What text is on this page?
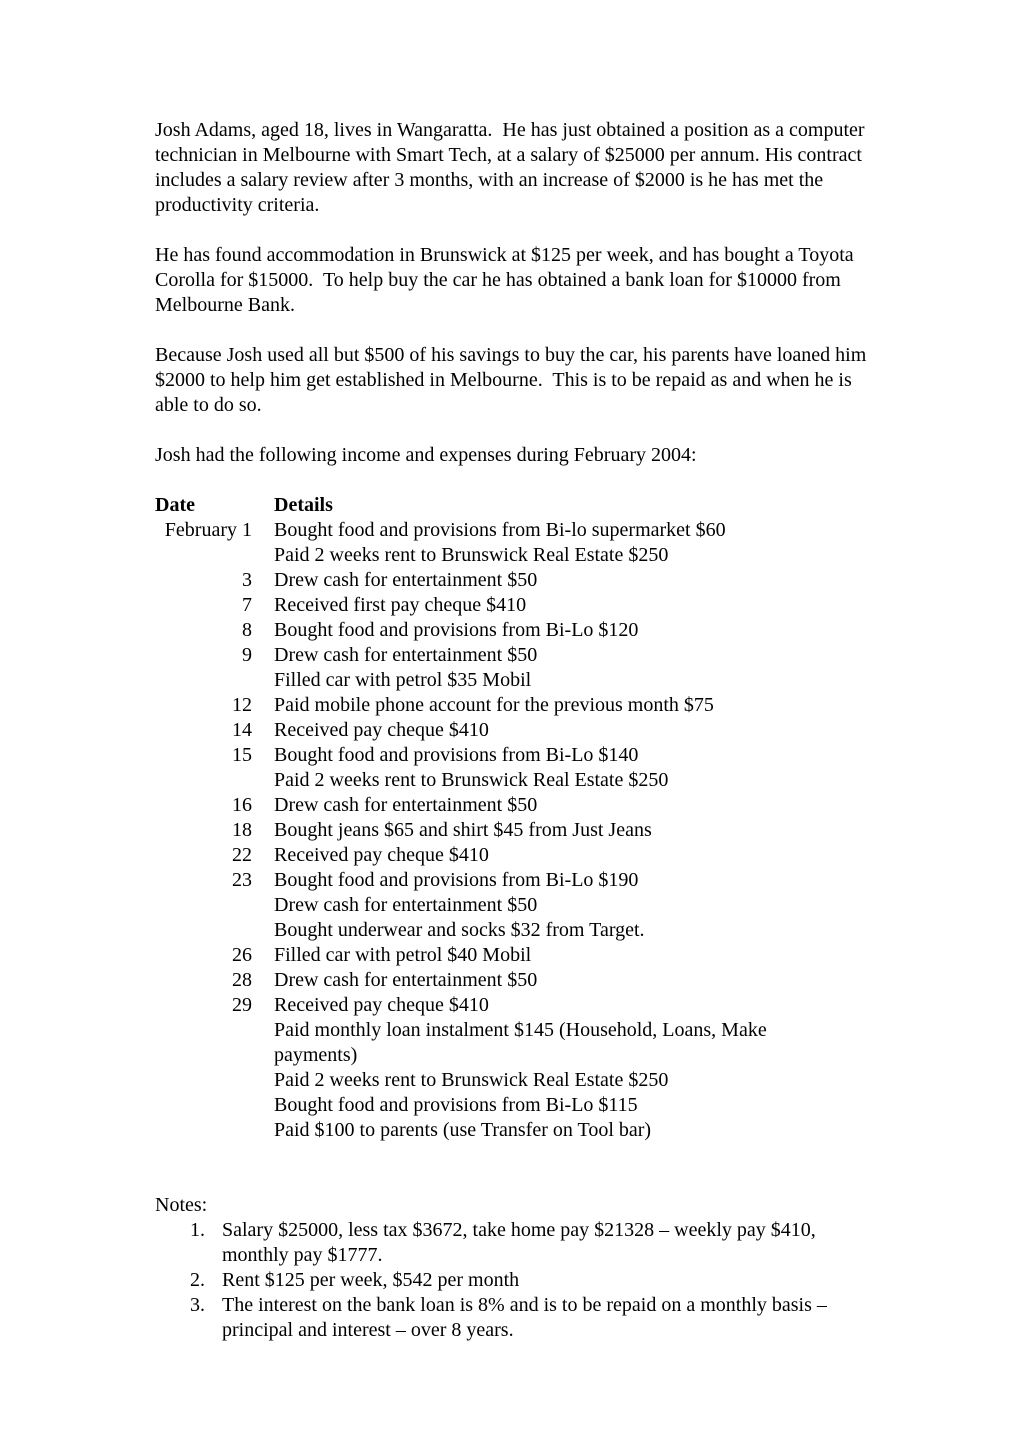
Josh Adams, aged 18, lives in Wangaratta.  He has just obtained a position as a computer technician in Melbourne with Smart Tech, at a salary of $25000 per annum. His contract includes a salary review after 3 months, with an increase of $2000 is he has met the productivity criteria.

He has found accommodation in Brunswick at $125 per week, and has bought a Toyota Corolla for $15000.  To help buy the car he has obtained a bank loan for $10000 from Melbourne Bank.

Because Josh used all but $500 of his savings to buy the car, his parents have loaned him $2000 to help him get established in Melbourne.  This is to be repaid as and when he is able to do so.

Josh had the following income and expenses during February 2004:

Date	Details
February 1 Bought food and provisions from Bi-lo supermarket $60
Paid 2 weeks rent to Brunswick Real Estate $250
3 Drew cash for entertainment $50
7 Received first pay cheque $410
8 Bought food and provisions from Bi-Lo $120
9 Drew cash for entertainment $50
Filled car with petrol $35 Mobil
12 Paid mobile phone account for the previous month $75
14 Received pay cheque $410
15 Bought food and provisions from Bi-Lo $140
Paid 2 weeks rent to Brunswick Real Estate $250
16 Drew cash for entertainment $50
18 Bought jeans $65 and shirt $45 from Just Jeans
22 Received pay cheque $410
23 Bought food and provisions from Bi-Lo $190
Drew cash for entertainment $50
Bought underwear and socks $32 from Target.
26 Filled car with petrol $40 Mobil
28 Drew cash for entertainment $50
29 Received pay cheque $410
Paid monthly loan instalment $145 (Household, Loans, Make payments)
Paid 2 weeks rent to Brunswick Real Estate $250
Bought food and provisions from Bi-Lo $115
Paid $100 to parents (use Transfer on Tool bar)
Notes:
1. Salary $25000, less tax $3672, take home pay $21328 – weekly pay $410, monthly pay $1777.
2. Rent $125 per week, $542 per month
3. The interest on the bank loan is 8% and is to be repaid on a monthly basis – principal and interest – over 8 years.
